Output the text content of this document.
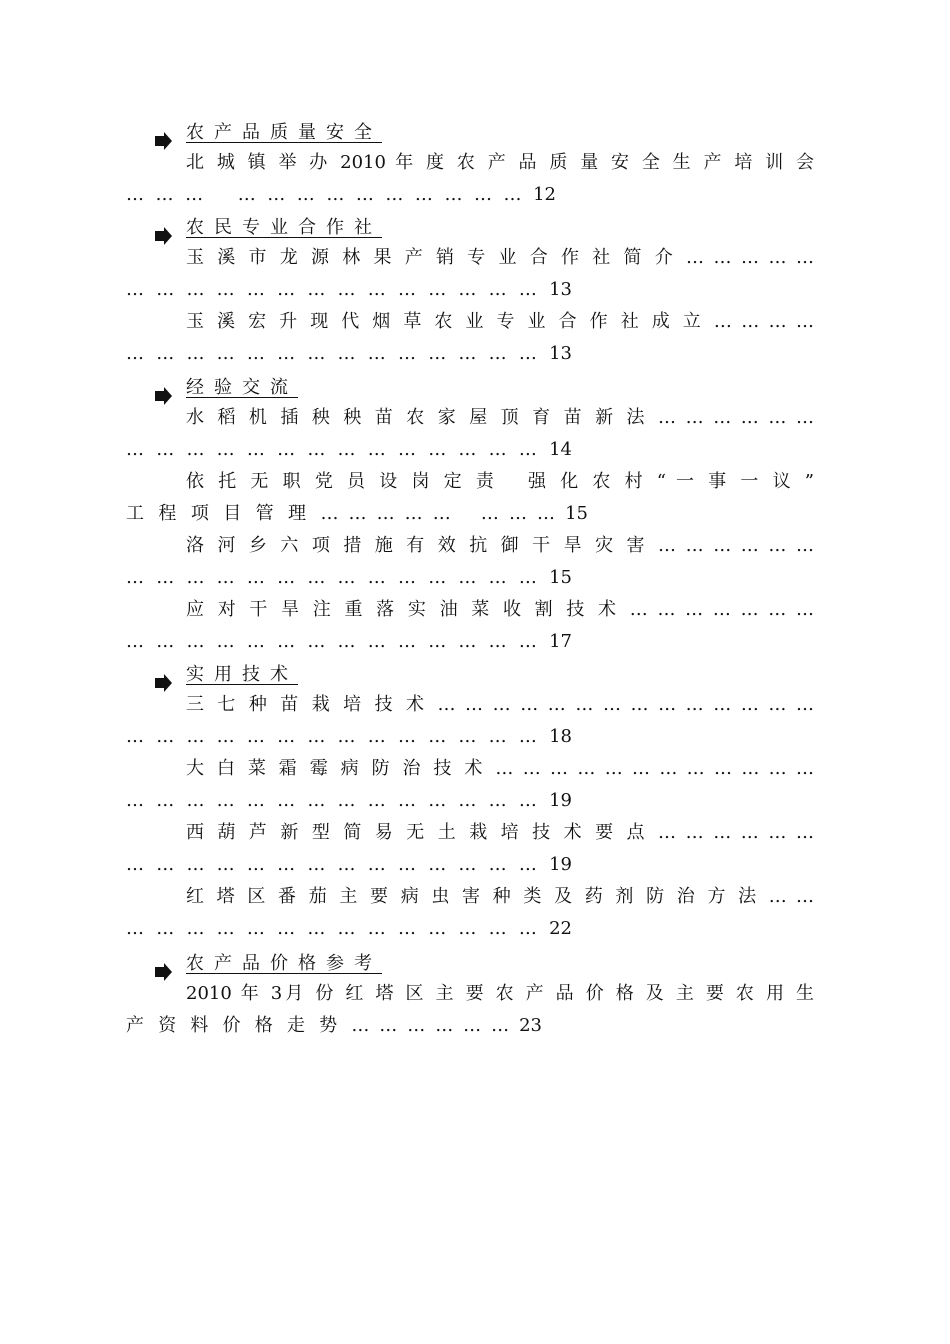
农产品质量安全
北 城 镇 举 办 2010 年 度 农 产 品 质 量 安 全 生 产 培 训 会
… … …   … … … … … … … … … … 12
农民专业合作社
玉 溪 市 龙 源 林 果 产 销 专 业 合 作 社 简 介 … … … … …
… … … … … … … … … … … … … … 13
玉 溪 宏 升 现 代 烟 草 农 业 专 业 合 作 社 成 立 … … … …
… … … … … … … … … … … … … … 13
经验交流
水 稻 机 插 秧 秧 苗 农 家 屋 顶 育 苗 新 法 … … … … … …
… … … … … … … … … … … … … … 14
依 托 无 职 党 员 设 岗 定 责   强 化 农 村 “ 一 事 一 议 ”
工 程 项 目 管 理 … … … … …   … … … 15
洛 河 乡 六 项 措 施 有 效 抗 御 干 旱 灾 害 … … … … … …
… … … … … … … … … … … … … … 15
应 对 干 旱 注 重 落 实 油 菜 收 割 技 术 … … … … … … …
… … … … … … … … … … … … … … 17
实用技术
三 七 种 苗 栽 培 技 术 … … … … … … … … … … … … … …
… … … … … … … … … … … … … … 18
大 白 菜 霜 霉 病 防 治 技 术 … … … … … … … … … … … …
… … … … … … … … … … … … … … 19
西 葫 芦 新 型 简 易 无 土 栽 培 技 术 要 点 … … … … … …
… … … … … … … … … … … … … … 19
红 塔 区 番 茄 主 要 病 虫 害 种 类 及 药 剂 防 治 方 法 … …
… … … … … … … … … … … … … … 22
农产品价格参考
2010 年 3月 份 红 塔 区 主 要 农 产 品 价 格 及 主 要 农 用 生
产 资 料 价 格 走 势 … … … … … … 23
